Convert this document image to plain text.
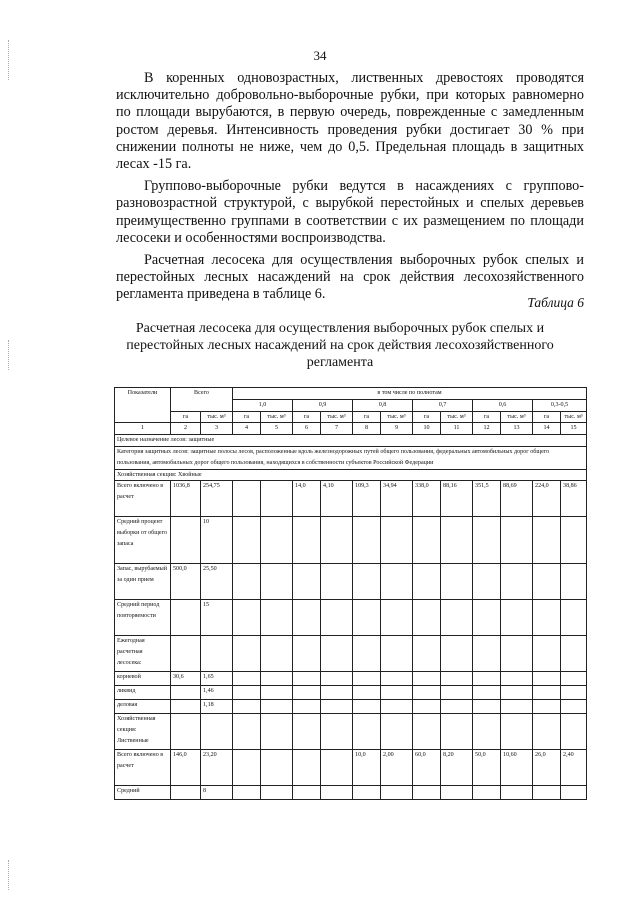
34

В коренных одновозрастных, лиственных древостоях проводятся исключительно добровольно-выборочные рубки, при которых равномерно по площади вырубаются, в первую очередь, поврежденные с замедленным ростом деревья. Интенсивность проведения рубки достигает 30 % при снижении полноты не ниже, чем до 0,5. Предельная площадь в защитных лесах -15 га.

Группово-выборочные рубки ведутся в насаждениях с группово-разновозрастной структурой, с вырубкой перестойных и спелых деревьев преимущественно группами в соответствии с их размещением по площади лесосеки и особенностями воспроизводства.

Расчетная лесосека для осуществления выборочных рубок спелых и перестойных лесных насаждений на срок действия лесохозяйственного регламента приведена в таблице 6.

Таблица 6
Расчетная лесосека для осуществления выборочных рубок спелых и перестойных лесных насаждений на срок действия лесохозяйственного регламента
Показатели	Всего		в том числе по полнотам											
			1,0		0,9		0,8		0,7		0,6		0,3-0,5	
	га	тыс. м³	га	тыс. м³	га	тыс. м³	га	тыс. м³	га	тыс. м³	га	тыс. м³	га	тыс. м³
1	2	3	4	5	6	7	8	9	10	11	12	13	14	15
Целевое назначение лесов: защитные														
Категория защитных лесов: защитные полосы лесов, расположенные вдоль железнодорожных путей общего пользования, федеральных автомобильных дорог общего пользования, автомобильных дорог общего пользования, находящихся в собственности субъектов Российской Федерации														
Хозяйственная секция: Хвойные														
Всего включено в расчет	1036,8	254,75			14,0	4,10	109,3	34,94	338,0	88,16	351,5	88,69	224,0	38,86
Средний процент выборки от общего запаса		10												
Запас, вырубаемый за один прием	500,0	25,50												
Средний период повторяемости		15												
Ежегодная расчетная лесосека:														
корневой	30,6	1,65												
ликвид		1,46												
деловая		1,18												
Хозяйственная секция: Лиственные														
Всего включено в расчет	146,0	23,20					10,0	2,00	60,0	8,20	50,0	10,60	26,0	2,40
Средний		8												
